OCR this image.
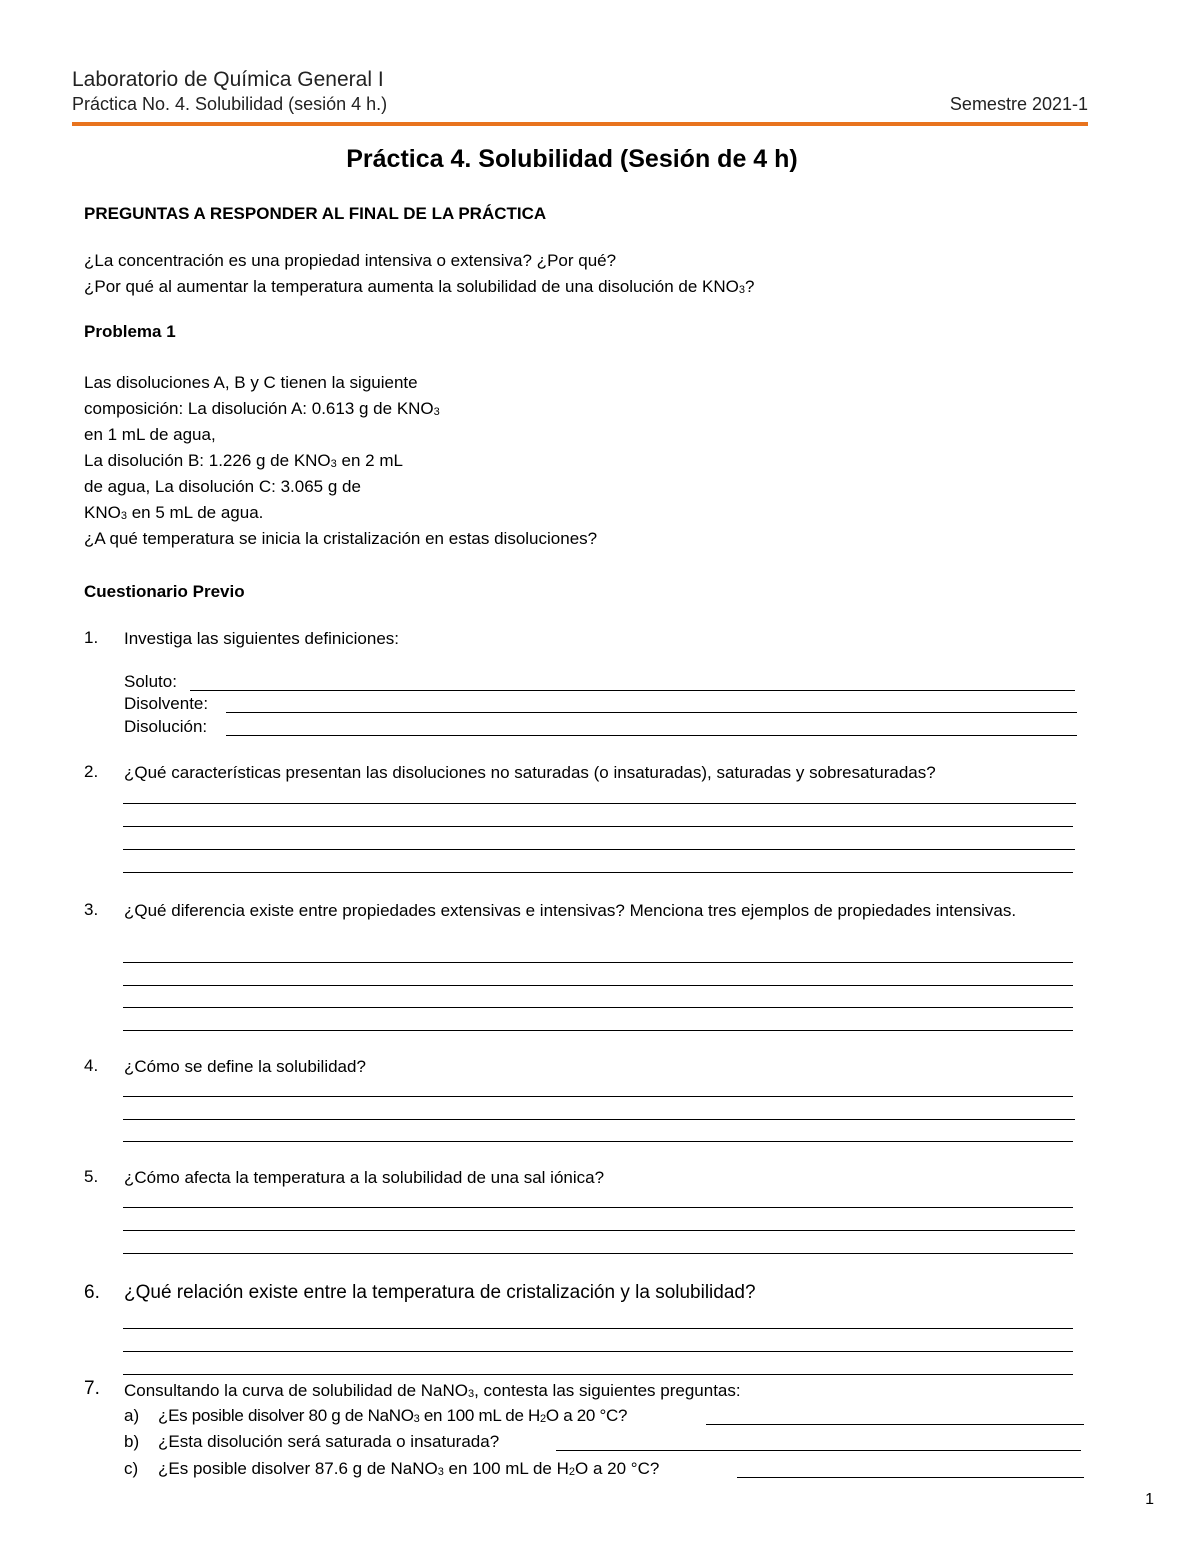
Laboratorio de Química General I
Práctica No. 4. Solubilidad (sesión 4 h.)	Semestre 2021-1
Práctica 4. Solubilidad (Sesión de 4 h)
PREGUNTAS A RESPONDER AL FINAL DE LA PRÁCTICA
¿La concentración es una propiedad intensiva o extensiva? ¿Por qué?
¿Por qué al aumentar la temperatura aumenta la solubilidad de una disolución de $KNO_3$?
Problema 1
Las disoluciones A, B y C tienen la siguiente
composición: La disolución A: 0.613 g de $KNO_3$
en 1 mL de agua,
La disolución B: 1.226 g de $KNO_3$ en 2 mL
de agua, La disolución C: 3.065 g de
$KNO_3$ en 5 mL de agua.
¿A qué temperatura se inicia la cristalización en estas disoluciones?
Cuestionario Previo
1. Investiga las siguientes definiciones:
Soluto:
Disolvente:
Disolución:
2. ¿Qué características presentan las disoluciones no saturadas (o insaturadas), saturadas y sobresaturadas?
3. ¿Qué diferencia existe entre propiedades extensivas e intensivas? Menciona tres ejemplos de propiedades intensivas.
4. ¿Cómo se define la solubilidad?
5. ¿Cómo afecta la temperatura a la solubilidad de una sal iónica?
6. ¿Qué relación existe entre la temperatura de cristalización y la solubilidad?
7. Consultando la curva de solubilidad de NaNO$_3$, contesta las siguientes preguntas:
a) ¿Es posible disolver 80 g de NaNO$_3$ en 100 mL de $H_2O$ a 20 °C?
b) ¿Esta disolución será saturada o insaturada?
c) ¿Es posible disolver 87.6 g de NaNO$_3$ en 100 mL de $H_2O$ a 20 °C?
1
